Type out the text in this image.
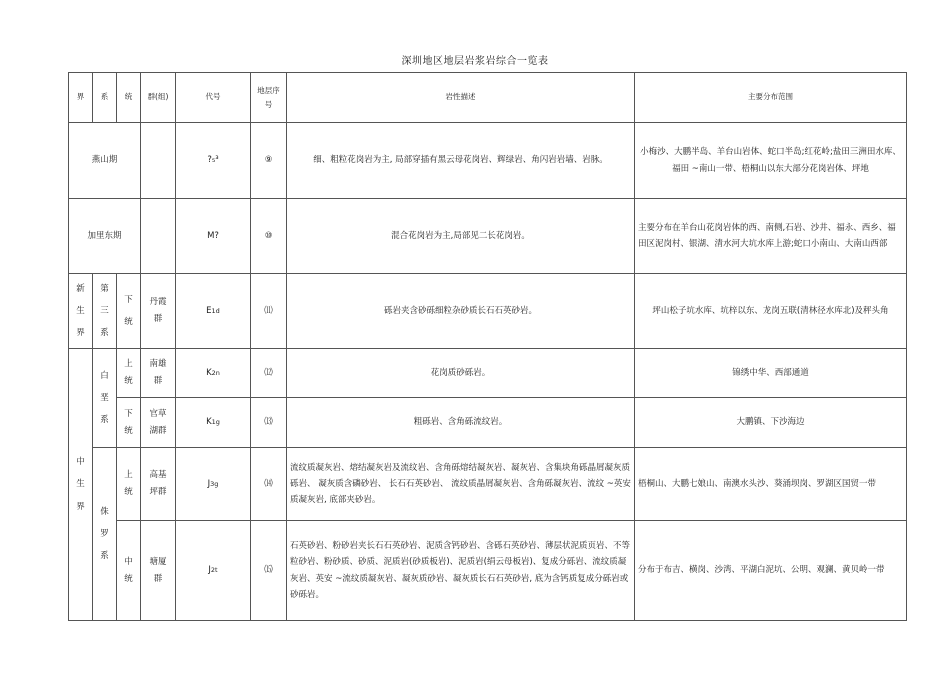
深圳地区地层岩浆岩综合一览表
界	系	统	群(组)	代号	地层序号	岩性描述	主要分布范围
燕山期				?₅³	⑨	细、粗粒花岗岩为主, 局部穿插有黑云母花岗岩、辉绿岩、角闪岩岩墙、岩脉。	小梅沙、大鹏半岛、羊台山岩体、蛇口半岛;红花岭;盐田三洲田水库、福田 ~南山一带、梧桐山以东大部分花岗岩体、坪地
加里东期				M?	⑩	混合花岗岩为主,局部见二长花岗岩。	主要分布在羊台山花岗岩体的西、南侧,石岩、沙井、福永、西乡、福田区泥岗村、银湖、清水河大坑水库上游;蛇口小南山、大南山西部

新生界	第三系	下统	丹霞群	E1d	⑾	砾岩夹含砂砾细粒杂砂质长石石英砂岩。	坪山松子坑水库、坑梓以东、龙岗五联(清林径水库北)及秤头角

中生界	白垩系	上统	南雄群	K2n	⑿	花岗质砂砾岩。	锦绣中华、西部通道

		下统	官草湖群	K1g	⒀	粗砾岩、含角砾流纹岩。	大鹏镇、下沙海边

	侏罗系	上统	高基坪群	J3g	⒁	流纹质凝灰岩、熔结凝灰岩及流纹岩、含角砾熔结凝灰岩、凝灰岩、含集块角砾晶屑凝灰质砾岩、 凝灰质含磷砂岩、 长石石英砂岩、 流纹质晶屑凝灰岩、含角砾凝灰岩、流纹 ~英安质凝灰岩, 底部夹砂岩。	梧桐山、大鹏七娘山、南澳水头沙、葵涌坝岗、罗湖区国贸一带

		中统	塘厦群	J2t	⒂	石英砂岩、粉砂岩夹长石石英砂岩、泥质含钙砂岩、含砾石英砂岩、薄层状泥质页岩、不等粒砂岩、粉砂质、砂质、泥质岩(砂质板岩)、泥质岩(绢云母板岩)、复成分砾岩、流纹质凝灰岩、英安 ~流纹质凝灰岩、凝灰质砂岩、凝灰质长石石英砂岩, 底为含钙质复成分砾岩或砂砾岩。	分布于布吉、横岗、沙湾、平湖白泥坑、公明、观澜、黄贝岭一带
